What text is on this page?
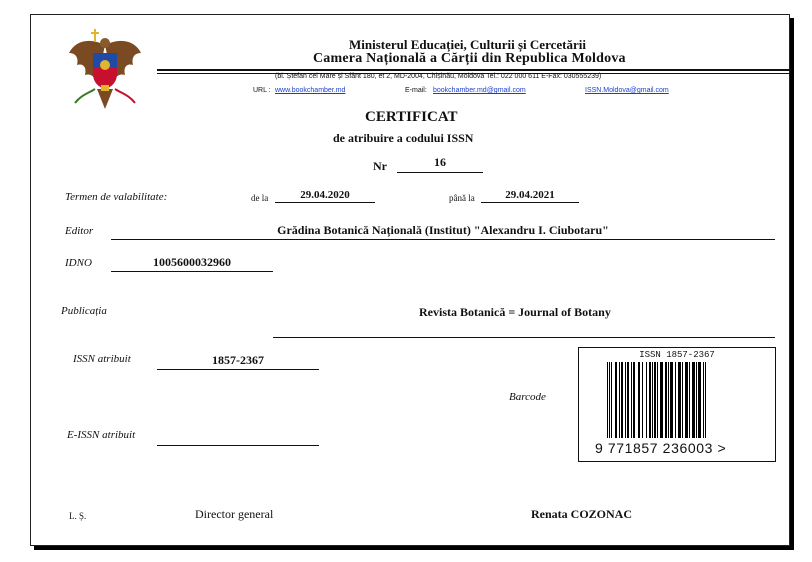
Ministerul Educației, Culturii și Cercetării
Camera Națională a Cărții din Republica Moldova
(bl. Ștefan cel Mare și Sfânt 180, et 2, MD-2004, Chișinău, Moldova Tel.: 022 000 611 E-Fax: 030555239)
URL : www.bookchamber.md	E-mail: bookchamber.md@gmail.com	ISSN.Moldova@gmail.com
CERTIFICAT
de atribuire a codului ISSN
Nr	16
Termen de valabilitate:	de la	29.04.2020	până la	29.04.2021
Editor	Grădina Botanică Națională (Institut) "Alexandru I. Ciubotaru"
IDNO	1005600032960
Publicația	Revista Botanică = Journal of Botany
ISSN atribuit	1857-2367
E-ISSN atribuit
Barcode
ISSN 1857-2367
9 771857 236003 >
L. Ș.	Director general	Renata COZONAC
